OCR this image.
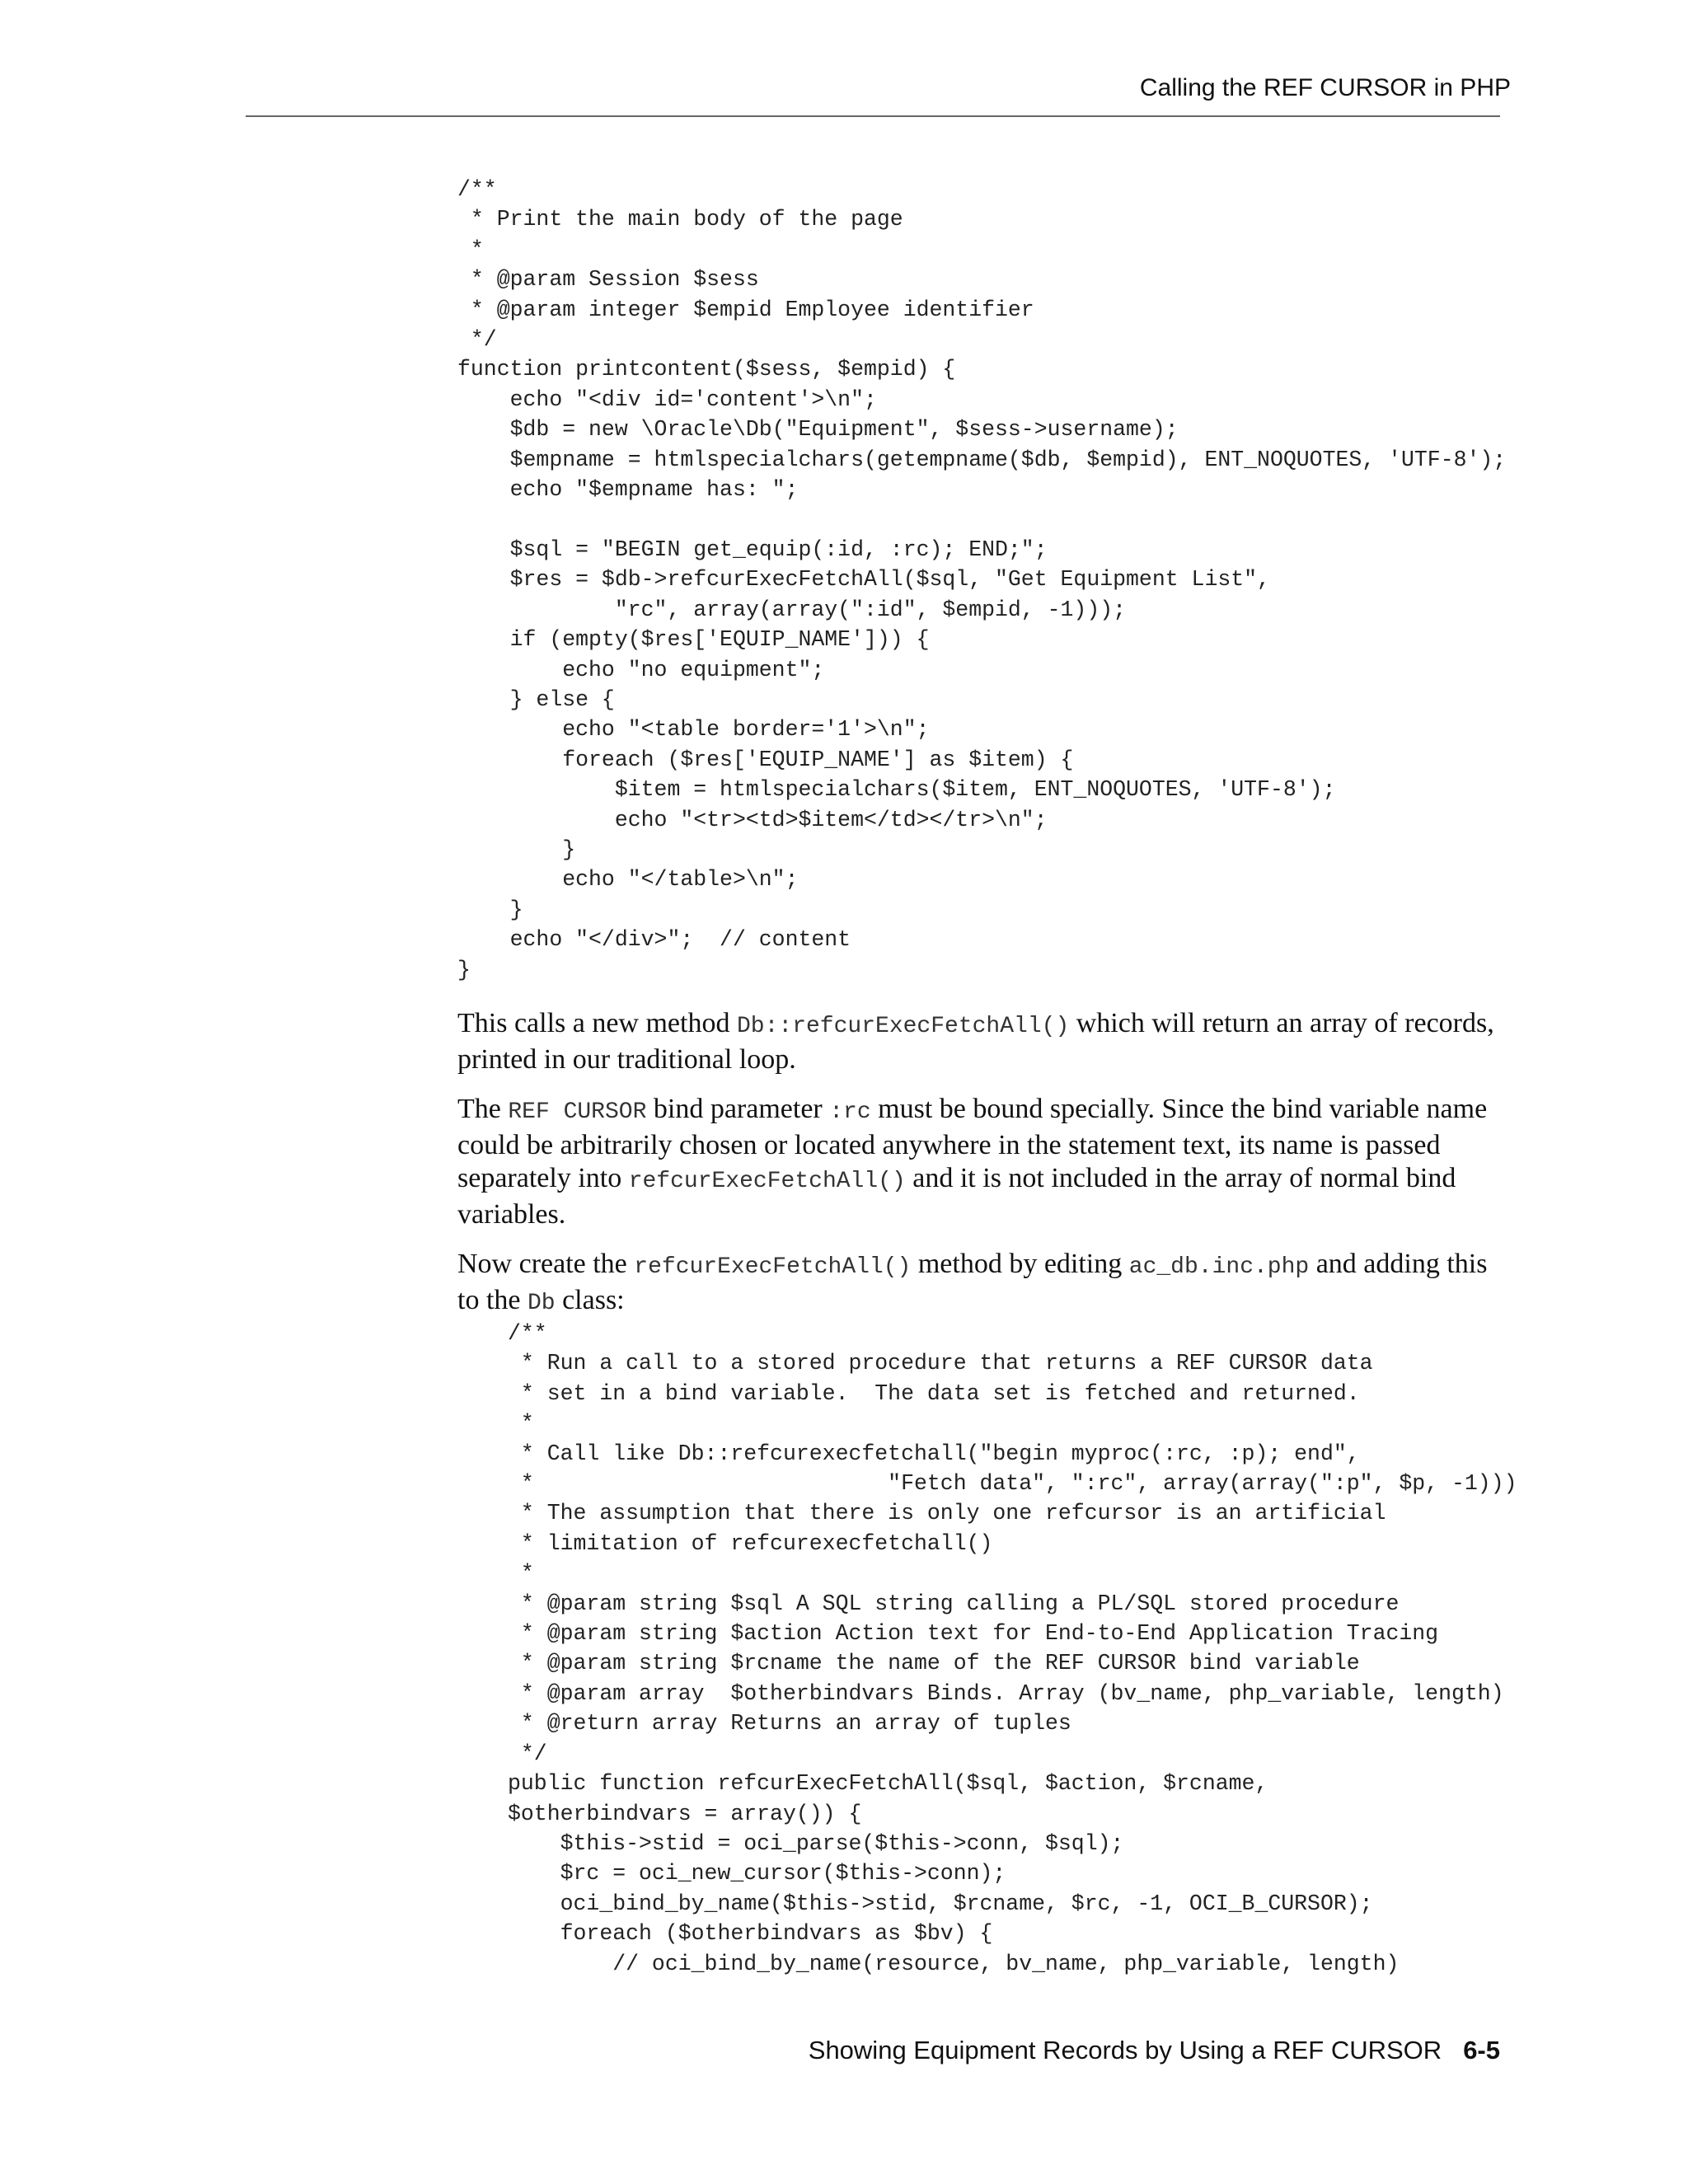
Calling the REF CURSOR in PHP
/**
* Print the main body of the page
*
* @param Session $sess
* @param integer $empid Employee identifier
*/
function printcontent($sess, $empid) {
echo "<div id='content'>\n";
$db = new \Oracle\Db("Equipment", $sess->username);
$empname = htmlspecialchars(getempname($db, $empid), ENT_NOQUOTES, 'UTF-8');
echo "$empname has: ";

$sql = "BEGIN get_equip(:id, :rc); END;";
$res = $db->refcurExecFetchAll($sql, "Get Equipment List",
"rc", array(array(":id", $empid, -1)));
if (empty($res['EQUIP_NAME'])) {
echo "no equipment";
} else {
echo "<table border='1'>\n";
foreach ($res['EQUIP_NAME'] as $item) {
$item = htmlspecialchars($item, ENT_NOQUOTES, 'UTF-8');
echo "<tr><td>$item</td></tr>\n";
}
echo "</table>\n";
}
echo "</div>";  // content
}

This calls a new method Db::refcurExecFetchAll() which will return an array of records, printed in our traditional loop.

The REF CURSOR bind parameter :rc must be bound specially. Since the bind variable name could be arbitrarily chosen or located anywhere in the statement text, its name is passed separately into refcurExecFetchAll() and it is not included in the array of normal bind variables.

Now create the refcurExecFetchAll() method by editing ac_db.inc.php and adding this to the Db class:

/**
* Run a call to a stored procedure that returns a REF CURSOR data
* set in a bind variable.  The data set is fetched and returned.
*
* Call like Db::refcurexecfetchall("begin myproc(:rc, :p); end",
*                           "Fetch data", ":rc", array(array(":p", $p, -1)))
* The assumption that there is only one refcursor is an artificial
* limitation of refcurexecfetchall()
*
* @param string $sql A SQL string calling a PL/SQL stored procedure
* @param string $action Action text for End-to-End Application Tracing
* @param string $rcname the name of the REF CURSOR bind variable
* @param array  $otherbindvars Binds. Array (bv_name, php_variable, length)
* @return array Returns an array of tuples
*/
public function refcurExecFetchAll($sql, $action, $rcname,
$otherbindvars = array()) {
$this->stid = oci_parse($this->conn, $sql);
$rc = oci_new_cursor($this->conn);
oci_bind_by_name($this->stid, $rcname, $rc, -1, OCI_B_CURSOR);
foreach ($otherbindvars as $bv) {
// oci_bind_by_name(resource, bv_name, php_variable, length)
Showing Equipment Records by Using a REF CURSOR 6-5
